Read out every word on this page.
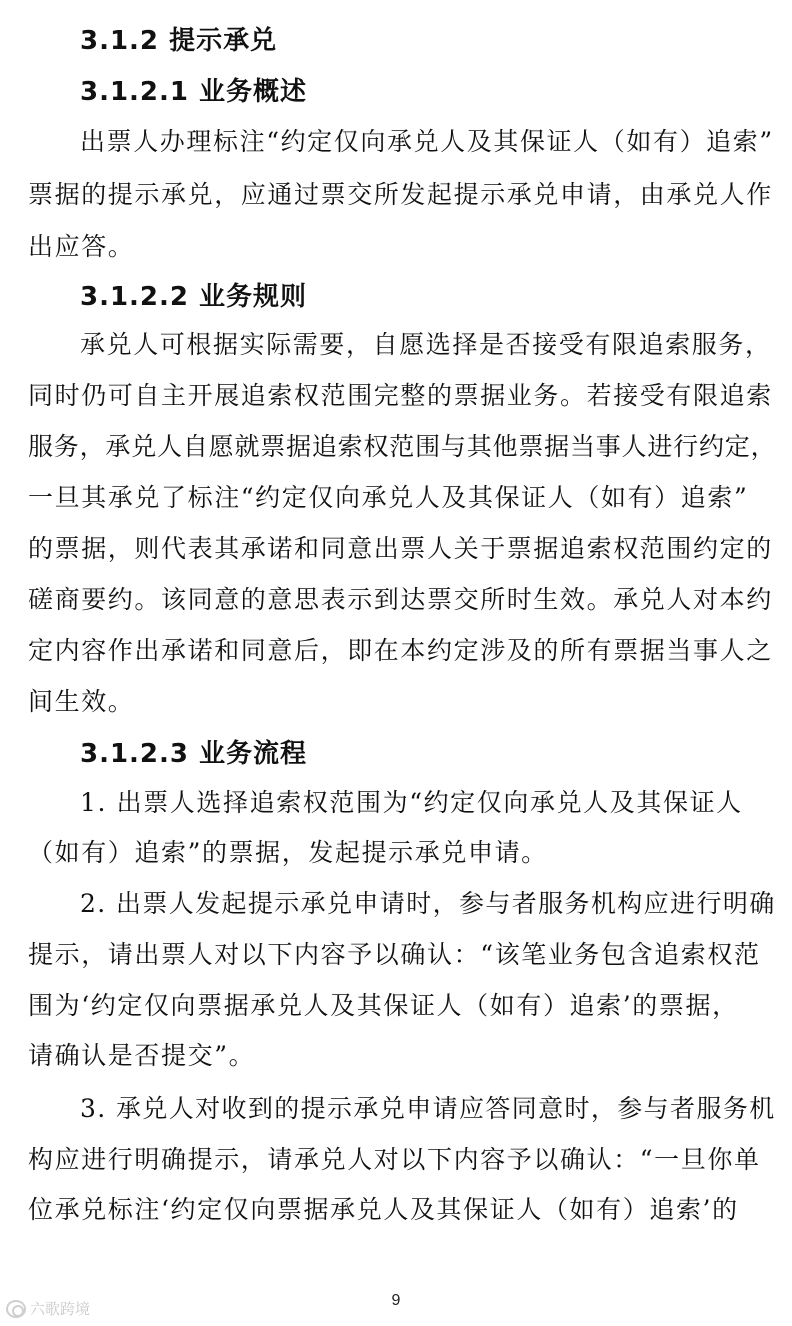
3.1.2 提示承兑
3.1.2.1 业务概述
出票人办理标注“约定仅向承兑人及其保证人（如有）追索”
票据的提示承兑，应通过票交所发起提示承兑申请，由承兑人作
出应答。
3.1.2.2 业务规则
承兑人可根据实际需要，自愿选择是否接受有限追索服务，
同时仍可自主开展追索权范围完整的票据业务。若接受有限追索
服务，承兑人自愿就票据追索权范围与其他票据当事人进行约定，
一旦其承兑了标注“约定仅向承兑人及其保证人（如有）追索”
的票据，则代表其承诺和同意出票人关于票据追索权范围约定的
磋商要约。该同意的意思表示到达票交所时生效。承兑人对本约
定内容作出承诺和同意后，即在本约定涉及的所有票据当事人之
间生效。
3.1.2.3 业务流程
1. 出票人选择追索权范围为“约定仅向承兑人及其保证人
（如有）追索”的票据，发起提示承兑申请。
2. 出票人发起提示承兑申请时，参与者服务机构应进行明确
提示，请出票人对以下内容予以确认：“该笔业务包含追索权范
围为‘约定仅向票据承兑人及其保证人（如有）追索’的票据，
请确认是否提交”。
3. 承兑人对收到的提示承兑申请应答同意时，参与者服务机
构应进行明确提示，请承兑人对以下内容予以确认：“一旦你单
位承兑标注‘约定仅向票据承兑人及其保证人（如有）追索’的
9
六歌跨境
